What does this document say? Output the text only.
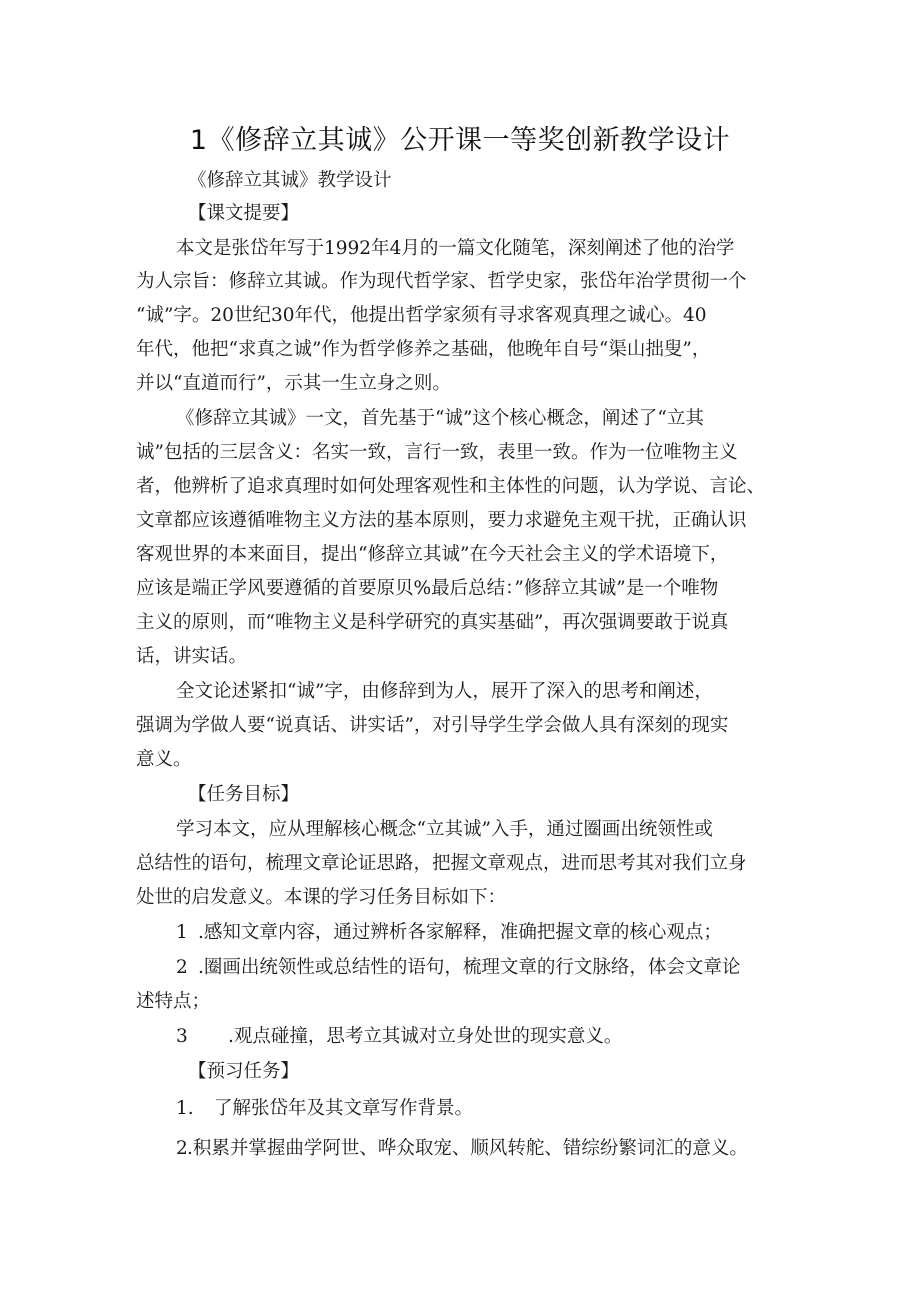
1《修辞立其诚》公开课一等奖创新教学设计
《修辞立其诚》教学设计
【课文提要】
本文是张岱年写于1992年4月的一篇文化随笔，深刻阐述了他的治学
为人宗旨：修辞立其诚。作为现代哲学家、哲学史家，张岱年治学贯彻一个
“诚”字。20世纪30年代，他提出哲学家须有寻求客观真理之诚心。40
年代，他把“求真之诚”作为哲学修养之基础，他晚年自号“渠山拙叟”，
并以“直道而行”，示其一生立身之则。
《修辞立其诚》一文，首先基于“诚”这个核心概念，阐述了“立其
诚”包括的三层含义：名实一致，言行一致，表里一致。作为一位唯物主义
者，他辨析了追求真理时如何处理客观性和主体性的问题，认为学说、言论、
文章都应该遵循唯物主义方法的基本原则，要力求避免主观干扰，正确认识
客观世界的本来面目，提出“修辞立其诚”在今天社会主义的学术语境下，
应该是端正学风要遵循的首要原贝%最后总结：”修辞立其诚”是一个唯物
主义的原则，而“唯物主义是科学研究的真实基础”，再次强调要敢于说真
话，讲实话。
全文论述紧扣“诚”字，由修辞到为人，展开了深入的思考和阐述，
强调为学做人要“说真话、讲实话”，对引导学生学会做人具有深刻的现实
意义。
【任务目标】
学习本文，应从理解核心概念“立其诚”入手，通过圈画出统领性或
总结性的语句，梳理文章论证思路，把握文章观点，进而思考其对我们立身
处世的启发意义。本课的学习任务目标如下：
1 .感知文章内容，通过辨析各家解释，准确把握文章的核心观点；
2 .圈画出统领性或总结性的语句，梳理文章的行文脉络，体会文章论
述特点；
3 .观点碰撞，思考立其诚对立身处世的现实意义。
【预习任务】
1. 了解张岱年及其文章写作背景。
2 .积累并掌握曲学阿世、哗众取宠、顺风转舵、错综纷繁词汇的意义。
